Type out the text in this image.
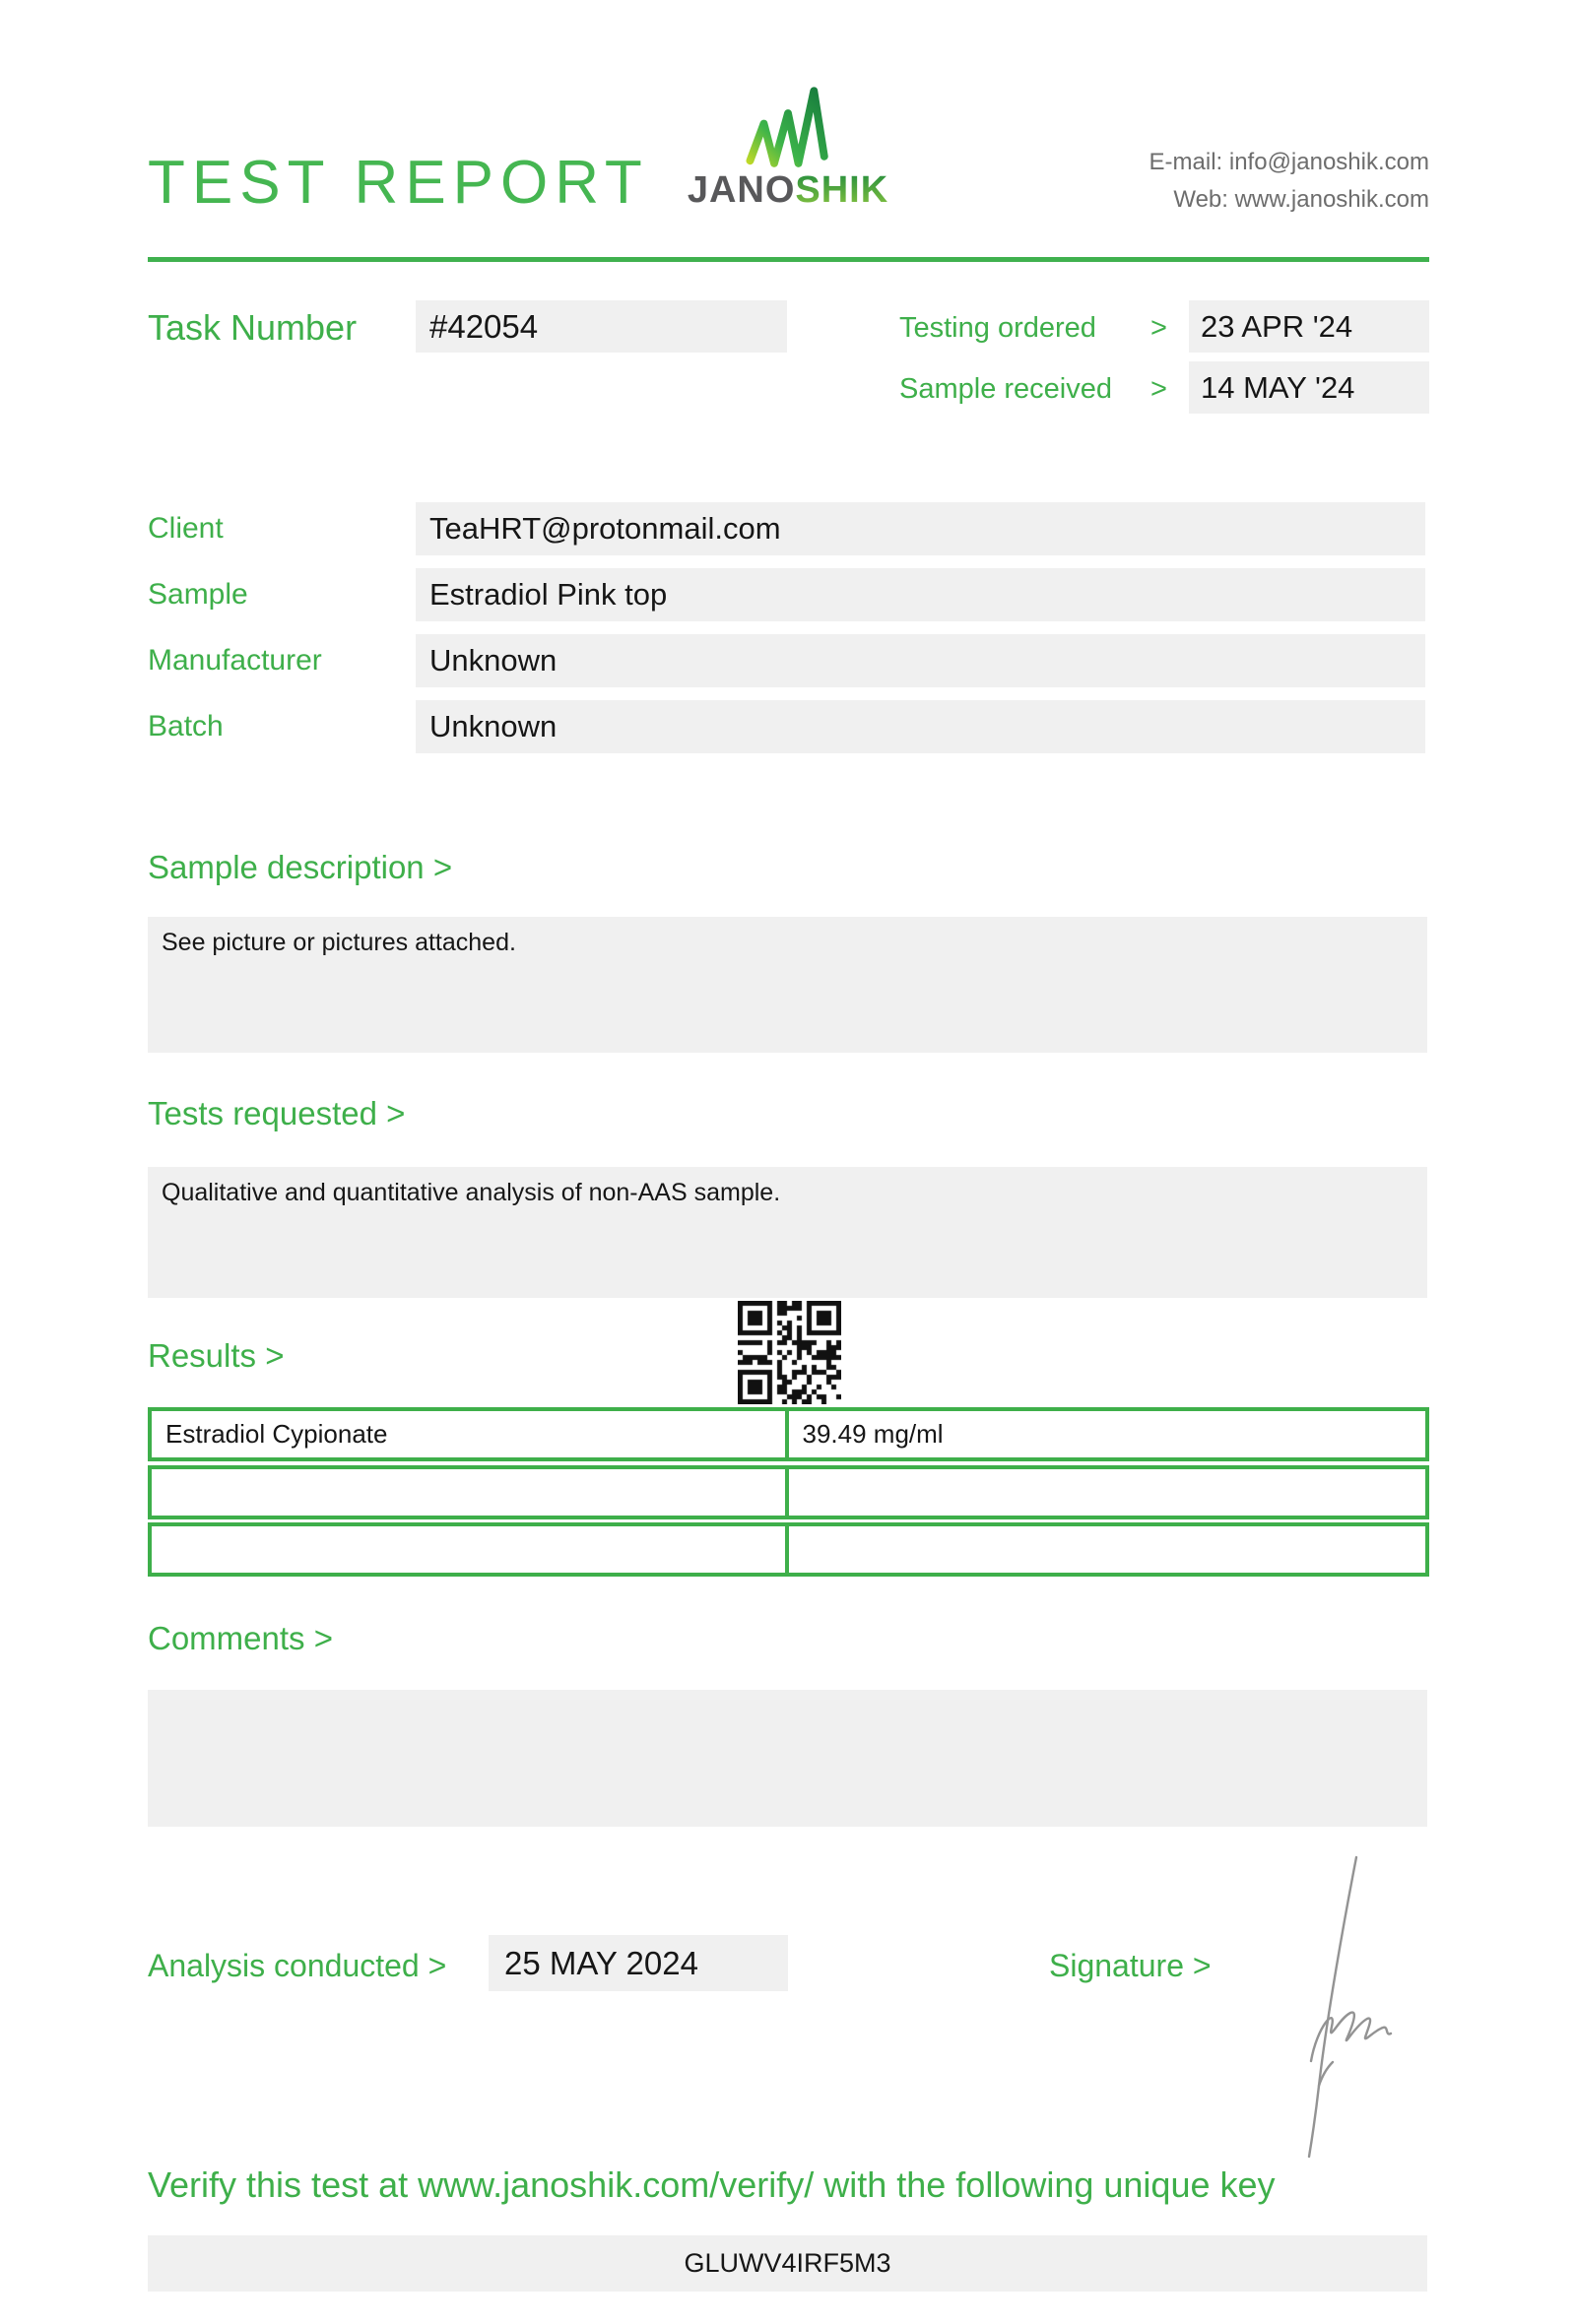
TEST REPORT	JANOSHIK
E-mail: info@janoshik.com
Web: www.janoshik.com
Task Number	#42054	Testing ordered >	23 APR '24
Sample received >	14 MAY '24
Client	TeaHRT@protonmail.com
Sample	Estradiol Pink top
Manufacturer	Unknown
Batch	Unknown
Sample description >
See picture or pictures attached.
Tests requested >
Qualitative and quantitative analysis of non-AAS sample.
Results >
Estradiol Cypionate	39.49 mg/ml
Comments >
Analysis conducted >	25 MAY 2024	Signature >
Verify this test at www.janoshik.com/verify/ with the following unique key
GLUWV4IRF5M3
